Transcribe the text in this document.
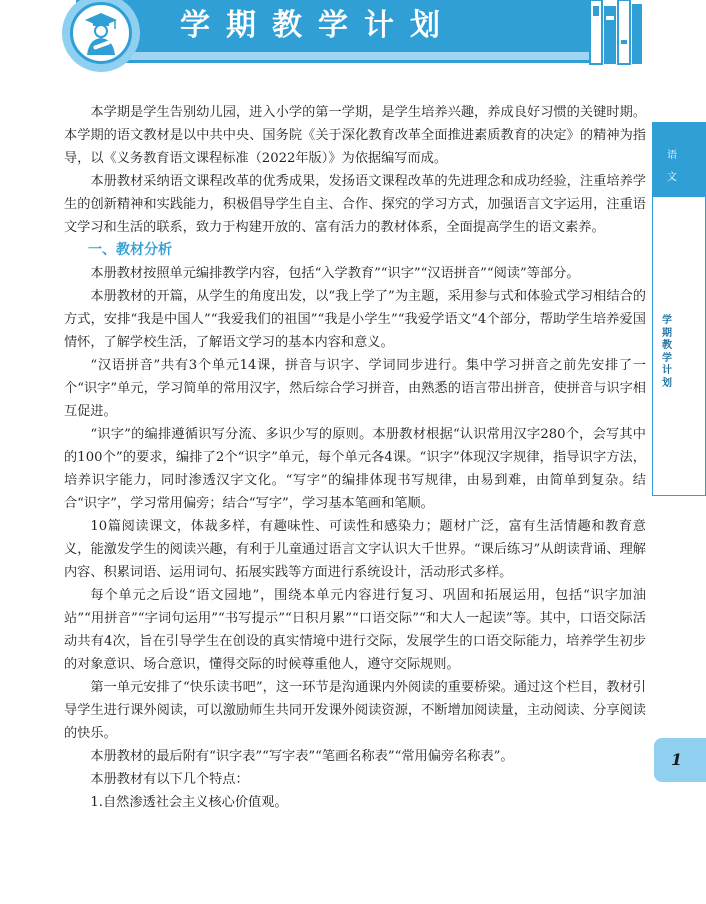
学期教学计划
语
文
学期教学计划
1

本学期是学生告别幼儿园，进入小学的第一学期，是学生培养兴趣，养成良好习惯的关键时期。本学期的语文教材是以中共中央、国务院《关于深化教育改革全面推进素质教育的决定》的精神为指导，以《义务教育语文课程标准（2022年版）》为依据编写而成。

本册教材采纳语文课程改革的优秀成果，发扬语文课程改革的先进理念和成功经验，注重培养学生的创新精神和实践能力，积极倡导学生自主、合作、探究的学习方式，加强语言文字运用，注重语文学习和生活的联系，致力于构建开放的、富有活力的教材体系，全面提高学生的语文素养。

一、教材分析

本册教材按照单元编排教学内容，包括“入学教育”“识字”“汉语拼音”“阅读”等部分。

本册教材的开篇，从学生的角度出发，以“我上学了”为主题，采用参与式和体验式学习相结合的方式，安排“我是中国人”“我爱我们的祖国”“我是小学生”“我爱学语文”4个部分，帮助学生培养爱国情怀，了解学校生活，了解语文学习的基本内容和意义。

“汉语拼音”共有3个单元14课，拼音与识字、学词同步进行。集中学习拼音之前先安排了一个“识字”单元，学习简单的常用汉字，然后综合学习拼音，由熟悉的语言带出拼音，使拼音与识字相互促进。

“识字”的编排遵循识写分流、多识少写的原则。本册教材根据“认识常用汉字280个，会写其中的100个”的要求，编排了2个“识字”单元，每个单元各4课。“识字”体现汉字规律，指导识字方法，培养识字能力，同时渗透汉字文化。“写字”的编排体现书写规律，由易到难，由简单到复杂。结合“识字”，学习常用偏旁；结合“写字”，学习基本笔画和笔顺。

10篇阅读课文，体裁多样，有趣味性、可读性和感染力；题材广泛，富有生活情趣和教育意义，能激发学生的阅读兴趣，有利于儿童通过语言文字认识大千世界。“课后练习”从朗读背诵、理解内容、积累词语、运用词句、拓展实践等方面进行系统设计，活动形式多样。

每个单元之后设“语文园地”，围绕本单元内容进行复习、巩固和拓展运用，包括“识字加油站”“用拼音”“字词句运用”“书写提示”“日积月累”“口语交际”“和大人一起读”等。其中，口语交际活动共有4次，旨在引导学生在创设的真实情境中进行交际，发展学生的口语交际能力，培养学生初步的对象意识、场合意识，懂得交际的时候尊重他人，遵守交际规则。

第一单元安排了“快乐读书吧”，这一环节是沟通课内外阅读的重要桥梁。通过这个栏目，教材引导学生进行课外阅读，可以激励师生共同开发课外阅读资源，不断增加阅读量，主动阅读、分享阅读的快乐。

本册教材的最后附有“识字表”“写字表”“笔画名称表”“常用偏旁名称表”。

本册教材有以下几个特点：

1.自然渗透社会主义核心价值观。
